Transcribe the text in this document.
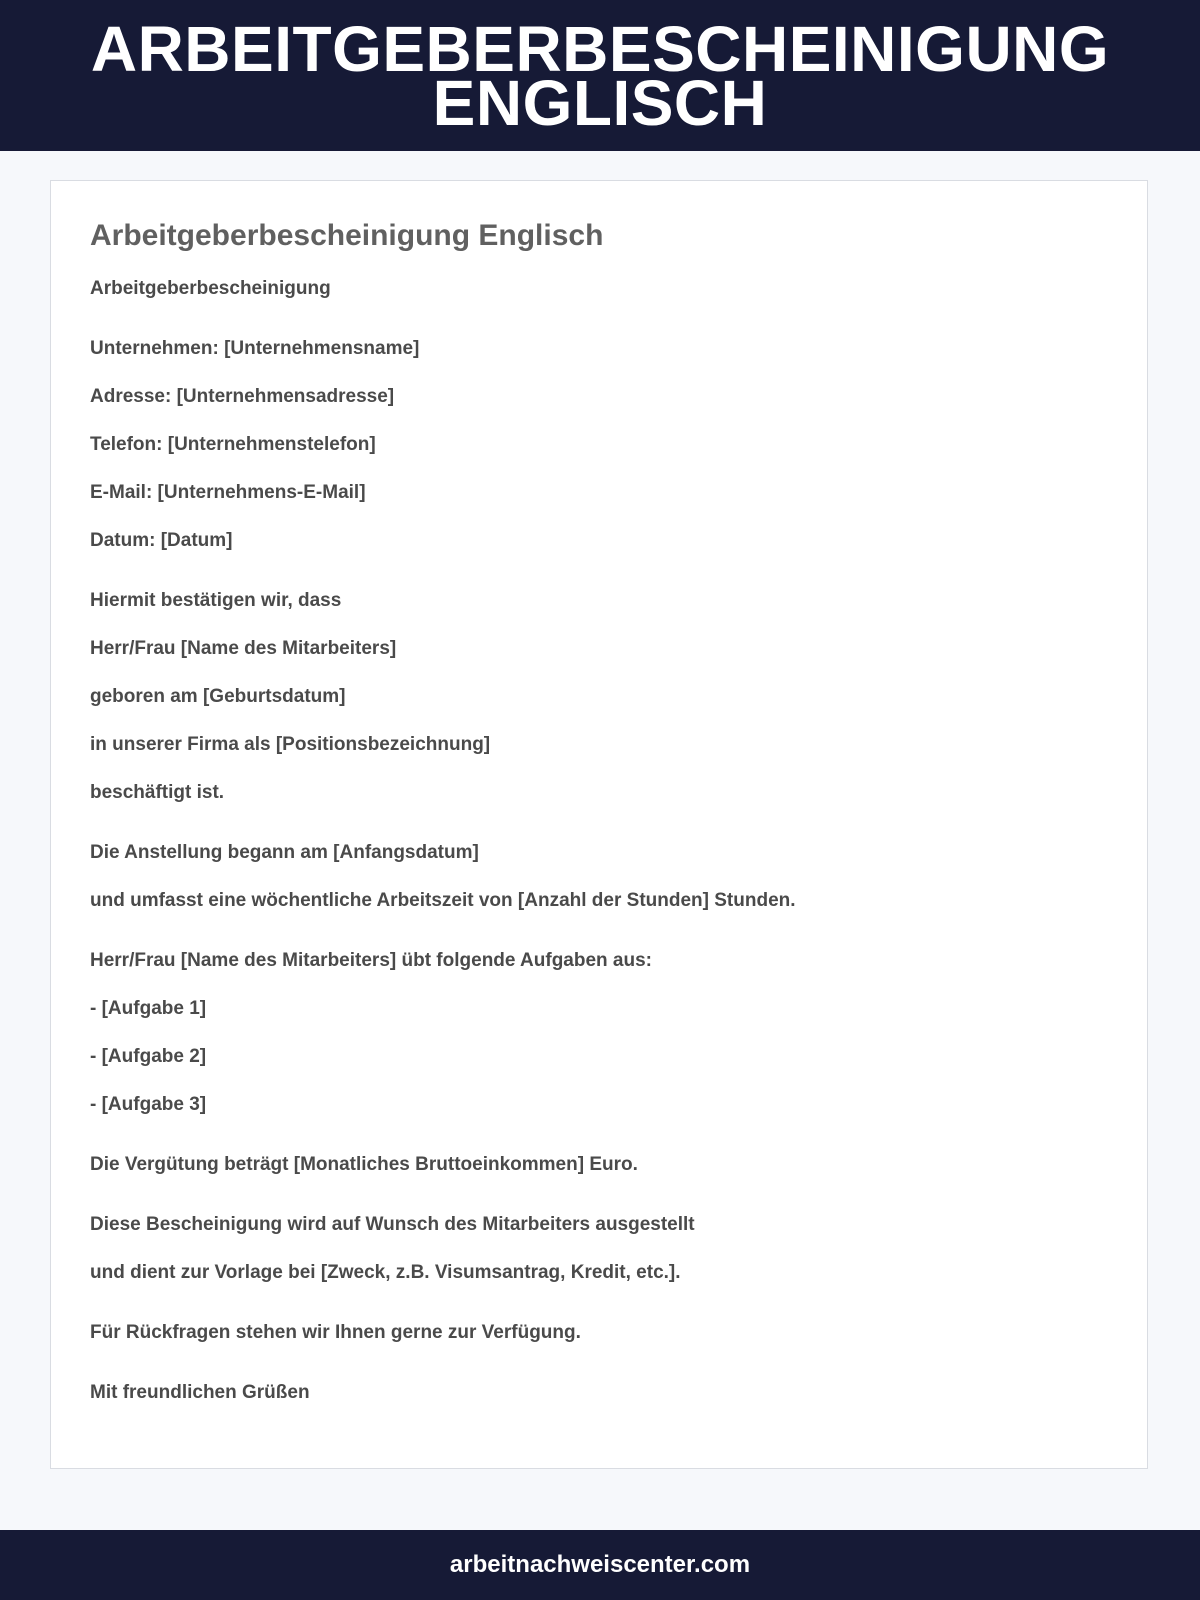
ARBEITGEBERBESCHEINIGUNG ENGLISCH
Arbeitgeberbescheinigung Englisch

Arbeitgeberbescheinigung

Unternehmen: [Unternehmensname]

Adresse: [Unternehmensadresse]

Telefon: [Unternehmenstelefon]

E-Mail: [Unternehmens-E-Mail]

Datum: [Datum]

Hiermit bestätigen wir, dass

Herr/Frau [Name des Mitarbeiters]

geboren am [Geburtsdatum]

in unserer Firma als [Positionsbezeichnung]

beschäftigt ist.

Die Anstellung begann am [Anfangsdatum]

und umfasst eine wöchentliche Arbeitszeit von [Anzahl der Stunden] Stunden.

Herr/Frau [Name des Mitarbeiters] übt folgende Aufgaben aus:

- [Aufgabe 1]

- [Aufgabe 2]

- [Aufgabe 3]

Die Vergütung beträgt [Monatliches Bruttoeinkommen] Euro.

Diese Bescheinigung wird auf Wunsch des Mitarbeiters ausgestellt

und dient zur Vorlage bei [Zweck, z.B. Visumsantrag, Kredit, etc.].

Für Rückfragen stehen wir Ihnen gerne zur Verfügung.

Mit freundlichen Grüßen

arbeitnachweiscenter.com
